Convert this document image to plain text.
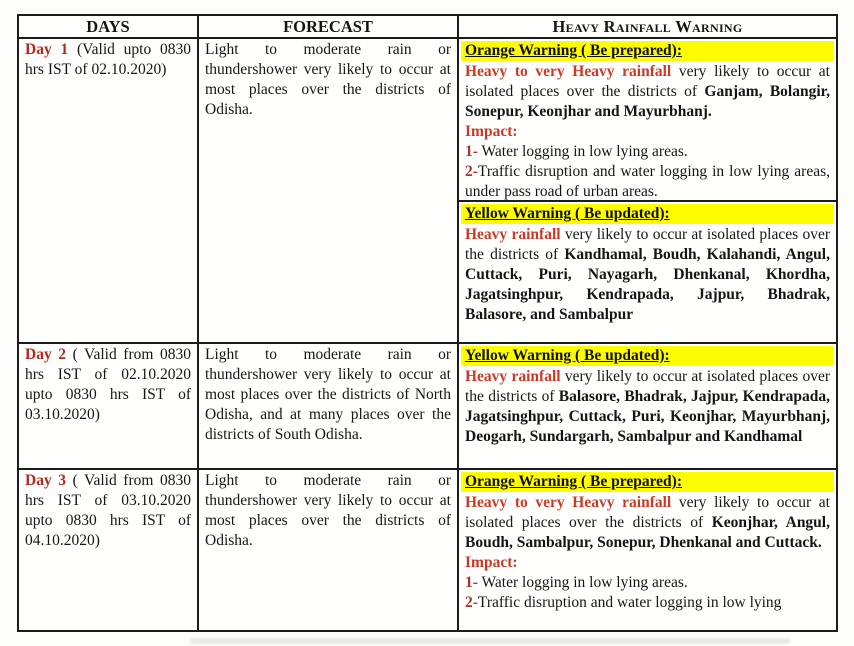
DAYS	FORECAST	Heavy Rainfall Warning
Day 1 (Valid upto 0830 hrs IST of 02.10.2020)
Light to moderate rain or thundershower very likely to occur at most places over the districts of Odisha.
Orange Warning ( Be prepared):
Heavy to very Heavy rainfall very likely to occur at isolated places over the districts of Ganjam, Bolangir, Sonepur, Keonjhar and Mayurbhanj.
Impact:
1- Water logging in low lying areas.
2-Traffic disruption and water logging in low lying areas, under pass road of urban areas.
Yellow Warning ( Be updated):
Heavy rainfall very likely to occur at isolated places over the districts of Kandhamal, Boudh, Kalahandi, Angul, Cuttack, Puri, Nayagarh, Dhenkanal, Khordha, Jagatsinghpur, Kendrapada, Jajpur, Bhadrak, Balasore, and Sambalpur
Day 2 ( Valid from 0830 hrs IST of 02.10.2020 upto 0830 hrs IST of 03.10.2020)
Light to moderate rain or thundershower very likely to occur at most places over the districts of North Odisha, and at many places over the districts of South Odisha.
Yellow Warning ( Be updated):
Heavy rainfall very likely to occur at isolated places over the districts of Balasore, Bhadrak, Jajpur, Kendrapada, Jagatsinghpur, Cuttack, Puri, Keonjhar, Mayurbhanj, Deogarh, Sundargarh, Sambalpur and Kandhamal
Day 3 ( Valid from 0830 hrs IST of 03.10.2020 upto 0830 hrs IST of 04.10.2020)
Light to moderate rain or thundershower very likely to occur at most places over the districts of Odisha.
Orange Warning ( Be prepared):
Heavy to very Heavy rainfall very likely to occur at isolated places over the districts of Keonjhar, Angul, Boudh, Sambalpur, Sonepur, Dhenkanal and Cuttack.
Impact:
1- Water logging in low lying areas.
2-Traffic disruption and water logging in low lying
